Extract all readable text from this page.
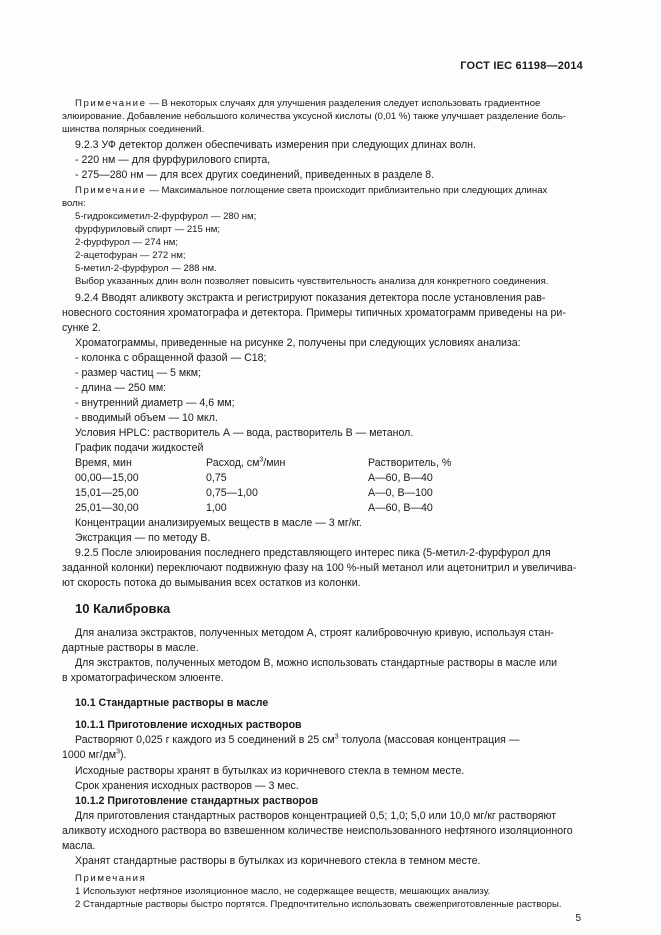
ГОСТ IEC 61198—2014
Примечание — В некоторых случаях для улучшения разделения следует использовать градиентное
элюирование. Добавление небольшого количества уксусной кислоты (0,01 %) также улучшает разделение боль-
шинства полярных соединений.
9.2.3 УФ детектор должен обеспечивать измерения при следующих длинах волн.
- 220 нм — для фурфурилового спирта,
- 275—280 нм — для всех других соединений, приведенных в разделе 8.
Примечание — Максимальное поглощение света происходит приблизительно при следующих длинах
волн:
5-гидроксиметил-2-фурфурол — 280 нм;
фурфуриловый спирт — 215 нм;
2-фурфурол — 274 нм;
2-ацетофуран — 272 нм;
5-метил-2-фурфурол — 288 нм.
Выбор указанных длин волн позволяет повысить чувствительность анализа для конкретного соединения.
9.2.4 Вводят аликвоту экстракта и регистрируют показания детектора после установления рав-
новесного состояния хроматографа и детектора. Примеры типичных хроматограмм приведены на ри-
сунке 2.
Хроматограммы, приведенные на рисунке 2, получены при следующих условиях анализа:
- колонка с обращенной фазой — С18;
- размер частиц — 5 мкм;
- длина — 250 мм:
- внутренний диаметр — 4,6 мм;
- вводимый объем — 10 мкл.
Условия HPLC: растворитель А — вода, растворитель В — метанол.
График подачи жидкостей
Время, мин	Расход, $см^3$/мин	Растворитель, %
00,00—15,00	0,75	А—60, В—40
15,01—25,00	0,75—1,00	А—0, В—100
25,01—30,00	1,00	А—60, В—40
Концентрации анализируемых веществ в масле — 3 мг/кг.
Экстракция — по методу В.
9.2.5 После элюирования последнего представляющего интерес пика (5-метил-2-фурфурол для
заданной колонки) переключают подвижную фазу на 100 %-ный метанол или ацетонитрил и увеличива-
ют скорость потока до вымывания всех остатков из колонки.
10 Калибровка
Для анализа экстрактов, полученных методом А, строят калибровочную кривую, используя стан-
дартные растворы в масле.
Для экстрактов, полученных методом В, можно использовать стандартные растворы в масле или
в хроматографическом элюенте.
10.1 Стандартные растворы в масле
10.1.1 Приготовление исходных растворов
Растворяют 0,025 г каждого из 5 соединений в 25 $см^3$ толуола (массовая концентрация —
1000 $мг/дм^3$).
Исходные растворы хранят в бутылках из коричневого стекла в темном месте.
Срок хранения исходных растворов — 3 мес.
10.1.2 Приготовление стандартных растворов
Для приготовления стандартных растворов концентрацией 0,5; 1,0; 5,0 или 10,0 мг/кг растворяют
аликвоту исходного раствора во взвешенном количестве неиспользованного нефтяного изоляционного
масла.
Хранят стандартные растворы в бутылках из коричневого стекла в темном месте.
Примечания
1 Используют нефтяное изоляционное масло, не содержащее веществ, мешающих анализу.
2 Стандартные растворы быстро портятся. Предпочтительно использовать свежеприготовленные растворы.
5
